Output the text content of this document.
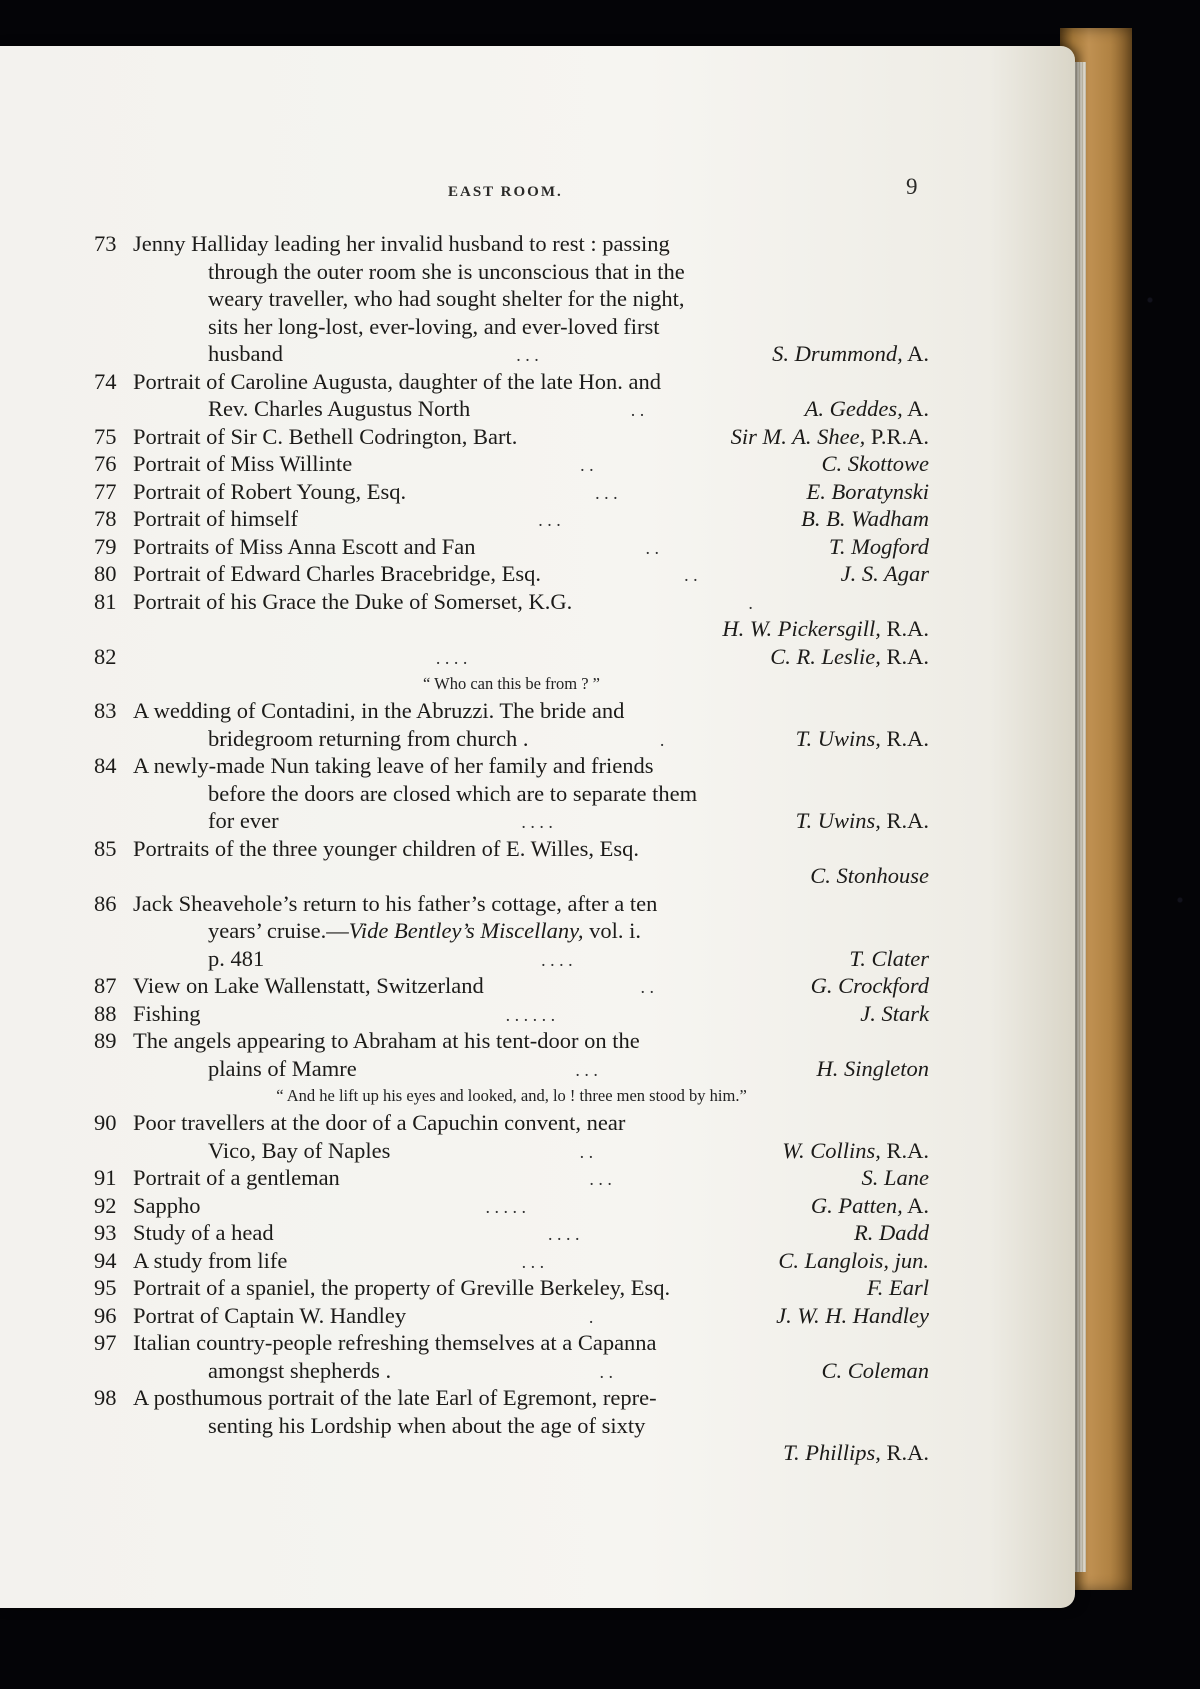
EAST ROOM.	9
73 Jenny Halliday leading her invalid husband to rest : passing
through the outer room she is unconscious that in the
weary traveller, who had sought shelter for the night,
sits her long-lost, ever-loving, and ever-loved first
husband	. . .	S. Drummond, A.
74 Portrait of Caroline Augusta, daughter of the late Hon. and
Rev. Charles Augustus North	. .	A. Geddes, A.
75 Portrait of Sir C. Bethell Codrington, Bart.	Sir M. A. Shee, P.R.A.
76 Portrait of Miss Willinte	. .	C. Skottowe
77 Portrait of Robert Young, Esq.	. . .	E. Boratynski
78 Portrait of himself	. . .	B. B. Wadham
79 Portraits of Miss Anna Escott and Fan	. .	T. Mogford
80 Portrait of Edward Charles Bracebridge, Esq.	. .	J. S. Agar
81 Portrait of his Grace the Duke of Somerset, K.G.	.
H. W. Pickersgill, R.A.
82	. . . .	C. R. Leslie, R.A.
“ Who can this be from ? ”
83 A wedding of Contadini, in the Abruzzi. The bride and
bridegroom returning from church .	.	T. Uwins, R.A.
84 A newly-made Nun taking leave of her family and friends
before the doors are closed which are to separate them
for ever	. . . .	T. Uwins, R.A.
85 Portraits of the three younger children of E. Willes, Esq.
C. Stonhouse
86 Jack Sheavehole’s return to his father’s cottage, after a ten
years’ cruise.—Vide Bentley’s Miscellany, vol. i.
p. 481	. . . .	T. Clater
87 View on Lake Wallenstatt, Switzerland	. .	G. Crockford
88 Fishing	. . . . . .	J. Stark
89 The angels appearing to Abraham at his tent-door on the
plains of Mamre	. . .	H. Singleton
“ And he lift up his eyes and looked, and, lo ! three men stood by him.”
90 Poor travellers at the door of a Capuchin convent, near
Vico, Bay of Naples	. .	W. Collins, R.A.
91 Portrait of a gentleman	. . .	S. Lane
92 Sappho	. . . . .	G. Patten, A.
93 Study of a head	. . . .	R. Dadd
94 A study from life	. . .	C. Langlois, jun.
95 Portrait of a spaniel, the property of Greville Berkeley, Esq.	F. Earl
96 Portrat of Captain W. Handley	.	J. W. H. Handley
97 Italian country-people refreshing themselves at a Capanna
amongst shepherds .	. .	C. Coleman
98 A posthumous portrait of the late Earl of Egremont, repre-
senting his Lordship when about the age of sixty
T. Phillips, R.A.
